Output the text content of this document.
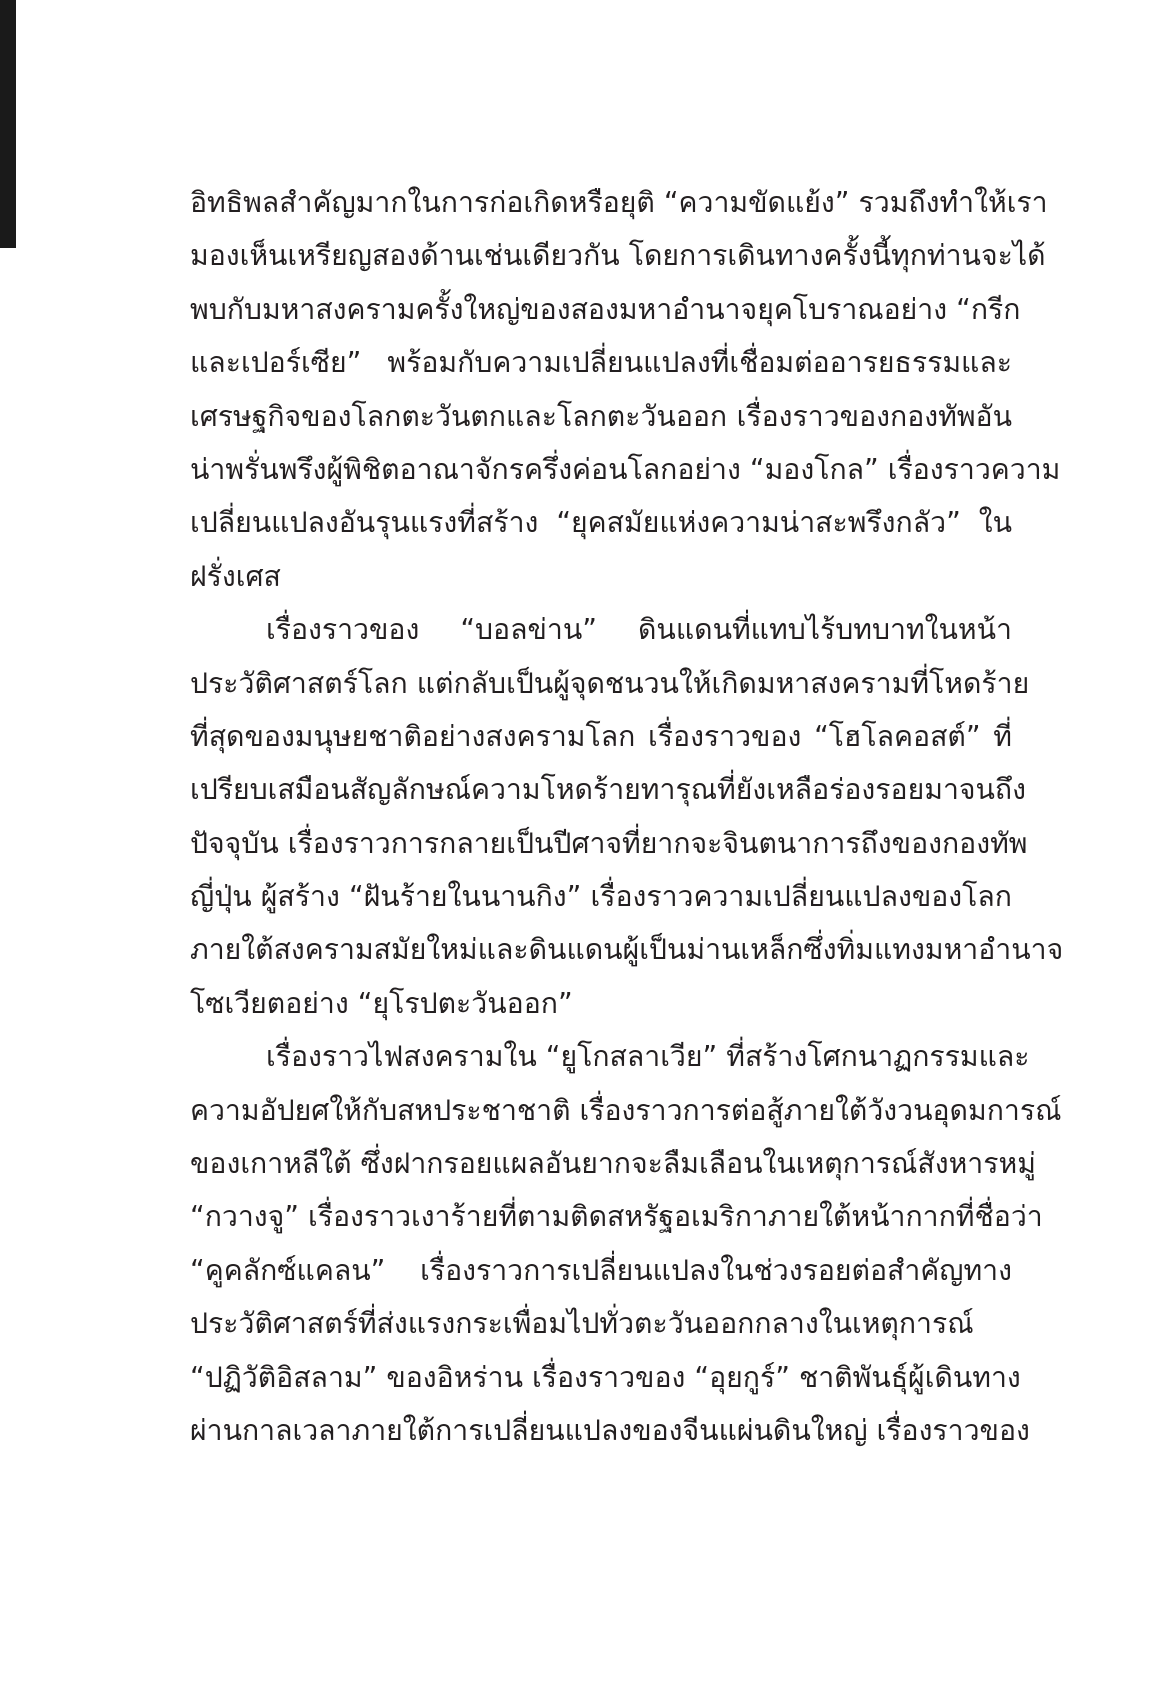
อิทธิพลสำคัญมากในการก่อเกิดหรือยุติ “ความขัดแย้ง” รวมถึงทำให้เรา
มองเห็นเหรียญสองด้านเช่นเดียวกัน โดยการเดินทางครั้งนี้ทุกท่านจะได้
พบกับมหาสงครามครั้งใหญ่ของสองมหาอำนาจยุคโบราณอย่าง “กรีก
และเปอร์เซีย” พร้อมกับความเปลี่ยนแปลงที่เชื่อมต่ออารยธรรมและ
เศรษฐกิจของโลกตะวันตกและโลกตะวันออก เรื่องราวของกองทัพอัน
น่าพรั่นพรึงผู้พิชิตอาณาจักรครึ่งค่อนโลกอย่าง “มองโกล” เรื่องราวความ
เปลี่ยนแปลงอันรุนแรงที่สร้าง “ยุคสมัยแห่งความน่าสะพรึงกลัว” ใน
ฝรั่งเศส
เรื่องราวของ “บอลข่าน” ดินแดนที่แทบไร้บทบาทในหน้า
ประวัติศาสตร์โลก แต่กลับเป็นผู้จุดชนวนให้เกิดมหาสงครามที่โหดร้าย
ที่สุดของมนุษยชาติอย่างสงครามโลก เรื่องราวของ “โฮโลคอสต์” ที่
เปรียบเสมือนสัญลักษณ์ความโหดร้ายทารุณที่ยังเหลือร่องรอยมาจนถึง
ปัจจุบัน เรื่องราวการกลายเป็นปีศาจที่ยากจะจินตนาการถึงของกองทัพ
ญี่ปุ่น ผู้สร้าง “ฝันร้ายในนานกิง” เรื่องราวความเปลี่ยนแปลงของโลก
ภายใต้สงครามสมัยใหม่และดินแดนผู้เป็นม่านเหล็กซึ่งทิ่มแทงมหาอำนาจ
โซเวียตอย่าง “ยุโรปตะวันออก”
เรื่องราวไฟสงครามใน “ยูโกสลาเวีย” ที่สร้างโศกนาฏกรรมและ
ความอัปยศให้กับสหประชาชาติ เรื่องราวการต่อสู้ภายใต้วังวนอุดมการณ์
ของเกาหลีใต้ ซึ่งฝากรอยแผลอันยากจะลืมเลือนในเหตุการณ์สังหารหมู่
“กวางจู” เรื่องราวเงาร้ายที่ตามติดสหรัฐอเมริกาภายใต้หน้ากากที่ชื่อว่า
“คูคลักซ์แคลน” เรื่องราวการเปลี่ยนแปลงในช่วงรอยต่อสำคัญทาง
ประวัติศาสตร์ที่ส่งแรงกระเพื่อมไปทั่วตะวันออกกลางในเหตุการณ์
“ปฏิวัติอิสลาม” ของอิหร่าน เรื่องราวของ “อุยกูร์” ชาติพันธุ์ผู้เดินทาง
ผ่านกาลเวลาภายใต้การเปลี่ยนแปลงของจีนแผ่นดินใหญ่ เรื่องราวของ
